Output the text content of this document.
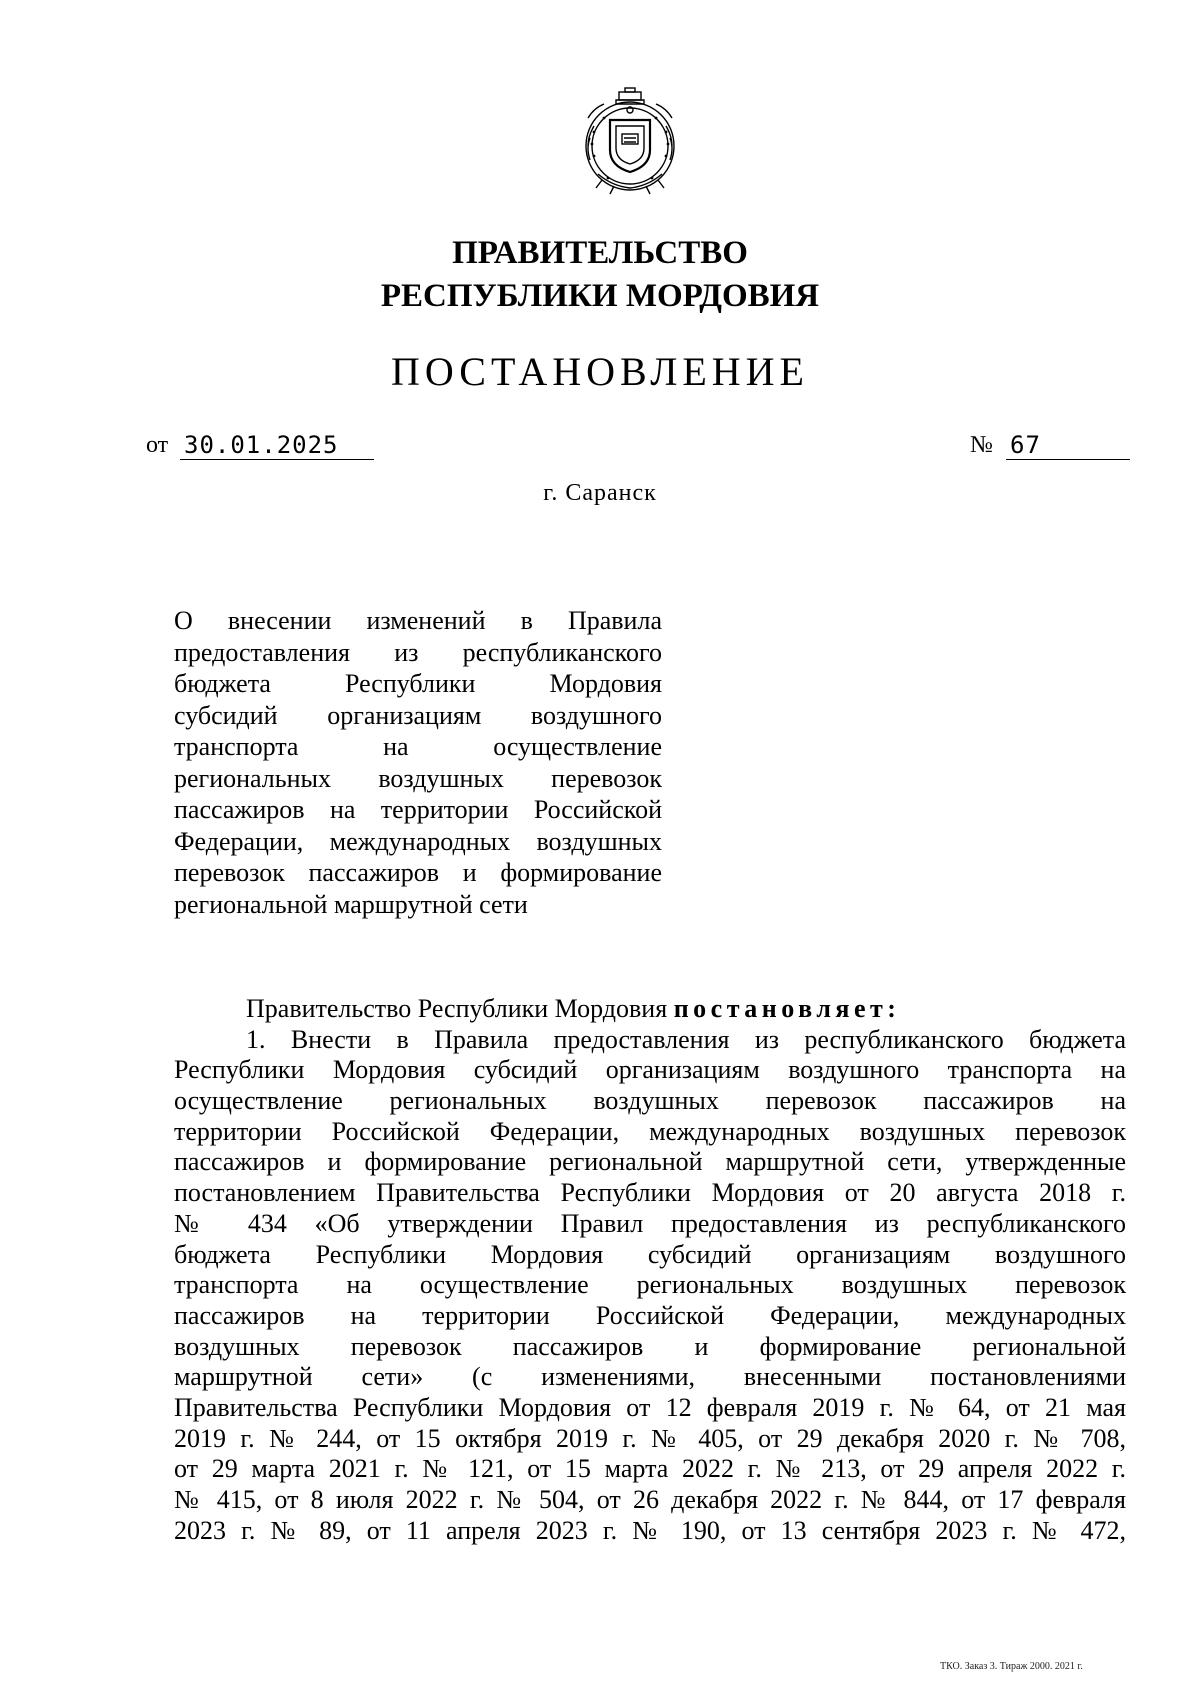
ПРАВИТЕЛЬСТВО
РЕСПУБЛИКИ МОРДОВИЯ
ПОСТАНОВЛЕНИЕ
от 30.01.2025	№ 67
г. Саранск
О внесении изменений в Правила
предоставления из республиканского
бюджета Республики Мордовия
субсидий организациям воздушного
транспорта на осуществление
региональных воздушных перевозок
пассажиров на территории Российской
Федерации, международных воздушных
перевозок пассажиров и формирование
региональной маршрутной сети
Правительство Республики Мордовия постановляет:
1. Внести в Правила предоставления из республиканского бюджета
Республики Мордовия субсидий организациям воздушного транспорта на
осуществление региональных воздушных перевозок пассажиров на
территории Российской Федерации, международных воздушных перевозок
пассажиров и формирование региональной маршрутной сети, утвержденные
постановлением Правительства Республики Мордовия от 20 августа 2018 г.
№ 434 «Об утверждении Правил предоставления из республиканского
бюджета Республики Мордовия субсидий организациям воздушного
транспорта на осуществление региональных воздушных перевозок
пассажиров на территории Российской Федерации, международных
воздушных перевозок пассажиров и формирование региональной
маршрутной сети» (с изменениями, внесенными постановлениями
Правительства Республики Мордовия от 12 февраля 2019 г. № 64, от 21 мая
2019 г. № 244, от 15 октября 2019 г. № 405, от 29 декабря 2020 г. № 708,
от 29 марта 2021 г. № 121, от 15 марта 2022 г. № 213, от 29 апреля 2022 г.
№ 415, от 8 июля 2022 г. № 504, от 26 декабря 2022 г. № 844, от 17 февраля
2023 г. № 89, от 11 апреля 2023 г. № 190, от 13 сентября 2023 г. № 472,
ТКО. Заказ 3. Тираж 2000. 2021 г.
